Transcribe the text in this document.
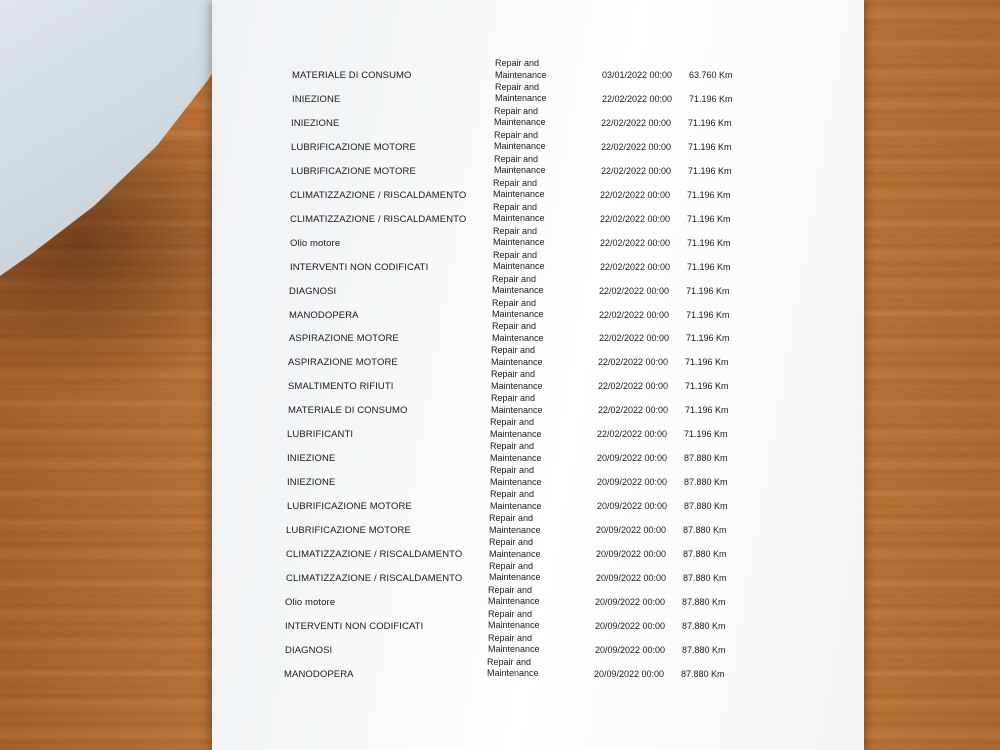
MATERIALE DI CONSUMO
Repair and
Maintenance	03/01/2022 00:00 63.760 Km
INIEZIONE
Repair and
Maintenance	22/02/2022 00:00 71.196 Km
INIEZIONE
Repair and
Maintenance	22/02/2022 00:00 71.196 Km
LUBRIFICAZIONE MOTORE
Repair and
Maintenance	22/02/2022 00:00 71.196 Km
LUBRIFICAZIONE MOTORE
Repair and
Maintenance	22/02/2022 00:00 71.196 Km
CLIMATIZZAZIONE / RISCALDAMENTO
Repair and
Maintenance	22/02/2022 00:00 71.196 Km
CLIMATIZZAZIONE / RISCALDAMENTO
Repair and
Maintenance	22/02/2022 00:00 71.196 Km
Olio motore
Repair and
Maintenance	22/02/2022 00:00 71.196 Km
INTERVENTI NON CODIFICATI
Repair and
Maintenance	22/02/2022 00:00 71.196 Km
DIAGNOSI
Repair and
Maintenance	22/02/2022 00:00 71.196 Km
MANODOPERA
Repair and
Maintenance	22/02/2022 00:00 71.196 Km
ASPIRAZIONE MOTORE
Repair and
Maintenance	22/02/2022 00:00 71.196 Km
ASPIRAZIONE MOTORE
Repair and
Maintenance	22/02/2022 00:00 71.196 Km
SMALTIMENTO RIFIUTI
Repair and
Maintenance	22/02/2022 00:00 71.196 Km
MATERIALE DI CONSUMO
Repair and
Maintenance	22/02/2022 00:00 71.196 Km
LUBRIFICANTI
Repair and
Maintenance	22/02/2022 00:00 71.196 Km
INIEZIONE
Repair and
Maintenance	20/09/2022 00:00 87.880 Km
INIEZIONE
Repair and
Maintenance	20/09/2022 00:00 87.880 Km
LUBRIFICAZIONE MOTORE
Repair and
Maintenance	20/09/2022 00:00 87.880 Km
LUBRIFICAZIONE MOTORE
Repair and
Maintenance	20/09/2022 00:00 87.880 Km
CLIMATIZZAZIONE / RISCALDAMENTO
Repair and
Maintenance	20/09/2022 00:00 87.880 Km
CLIMATIZZAZIONE / RISCALDAMENTO
Repair and
Maintenance	20/09/2022 00:00 87.880 Km
Olio motore
Repair and
Maintenance	20/09/2022 00:00 87.880 Km
INTERVENTI NON CODIFICATI
Repair and
Maintenance	20/09/2022 00:00 87.880 Km
DIAGNOSI
Repair and
Maintenance	20/09/2022 00:00 87.880 Km
MANODOPERA
Repair and
Maintenance	20/09/2022 00:00 87.880 Km
